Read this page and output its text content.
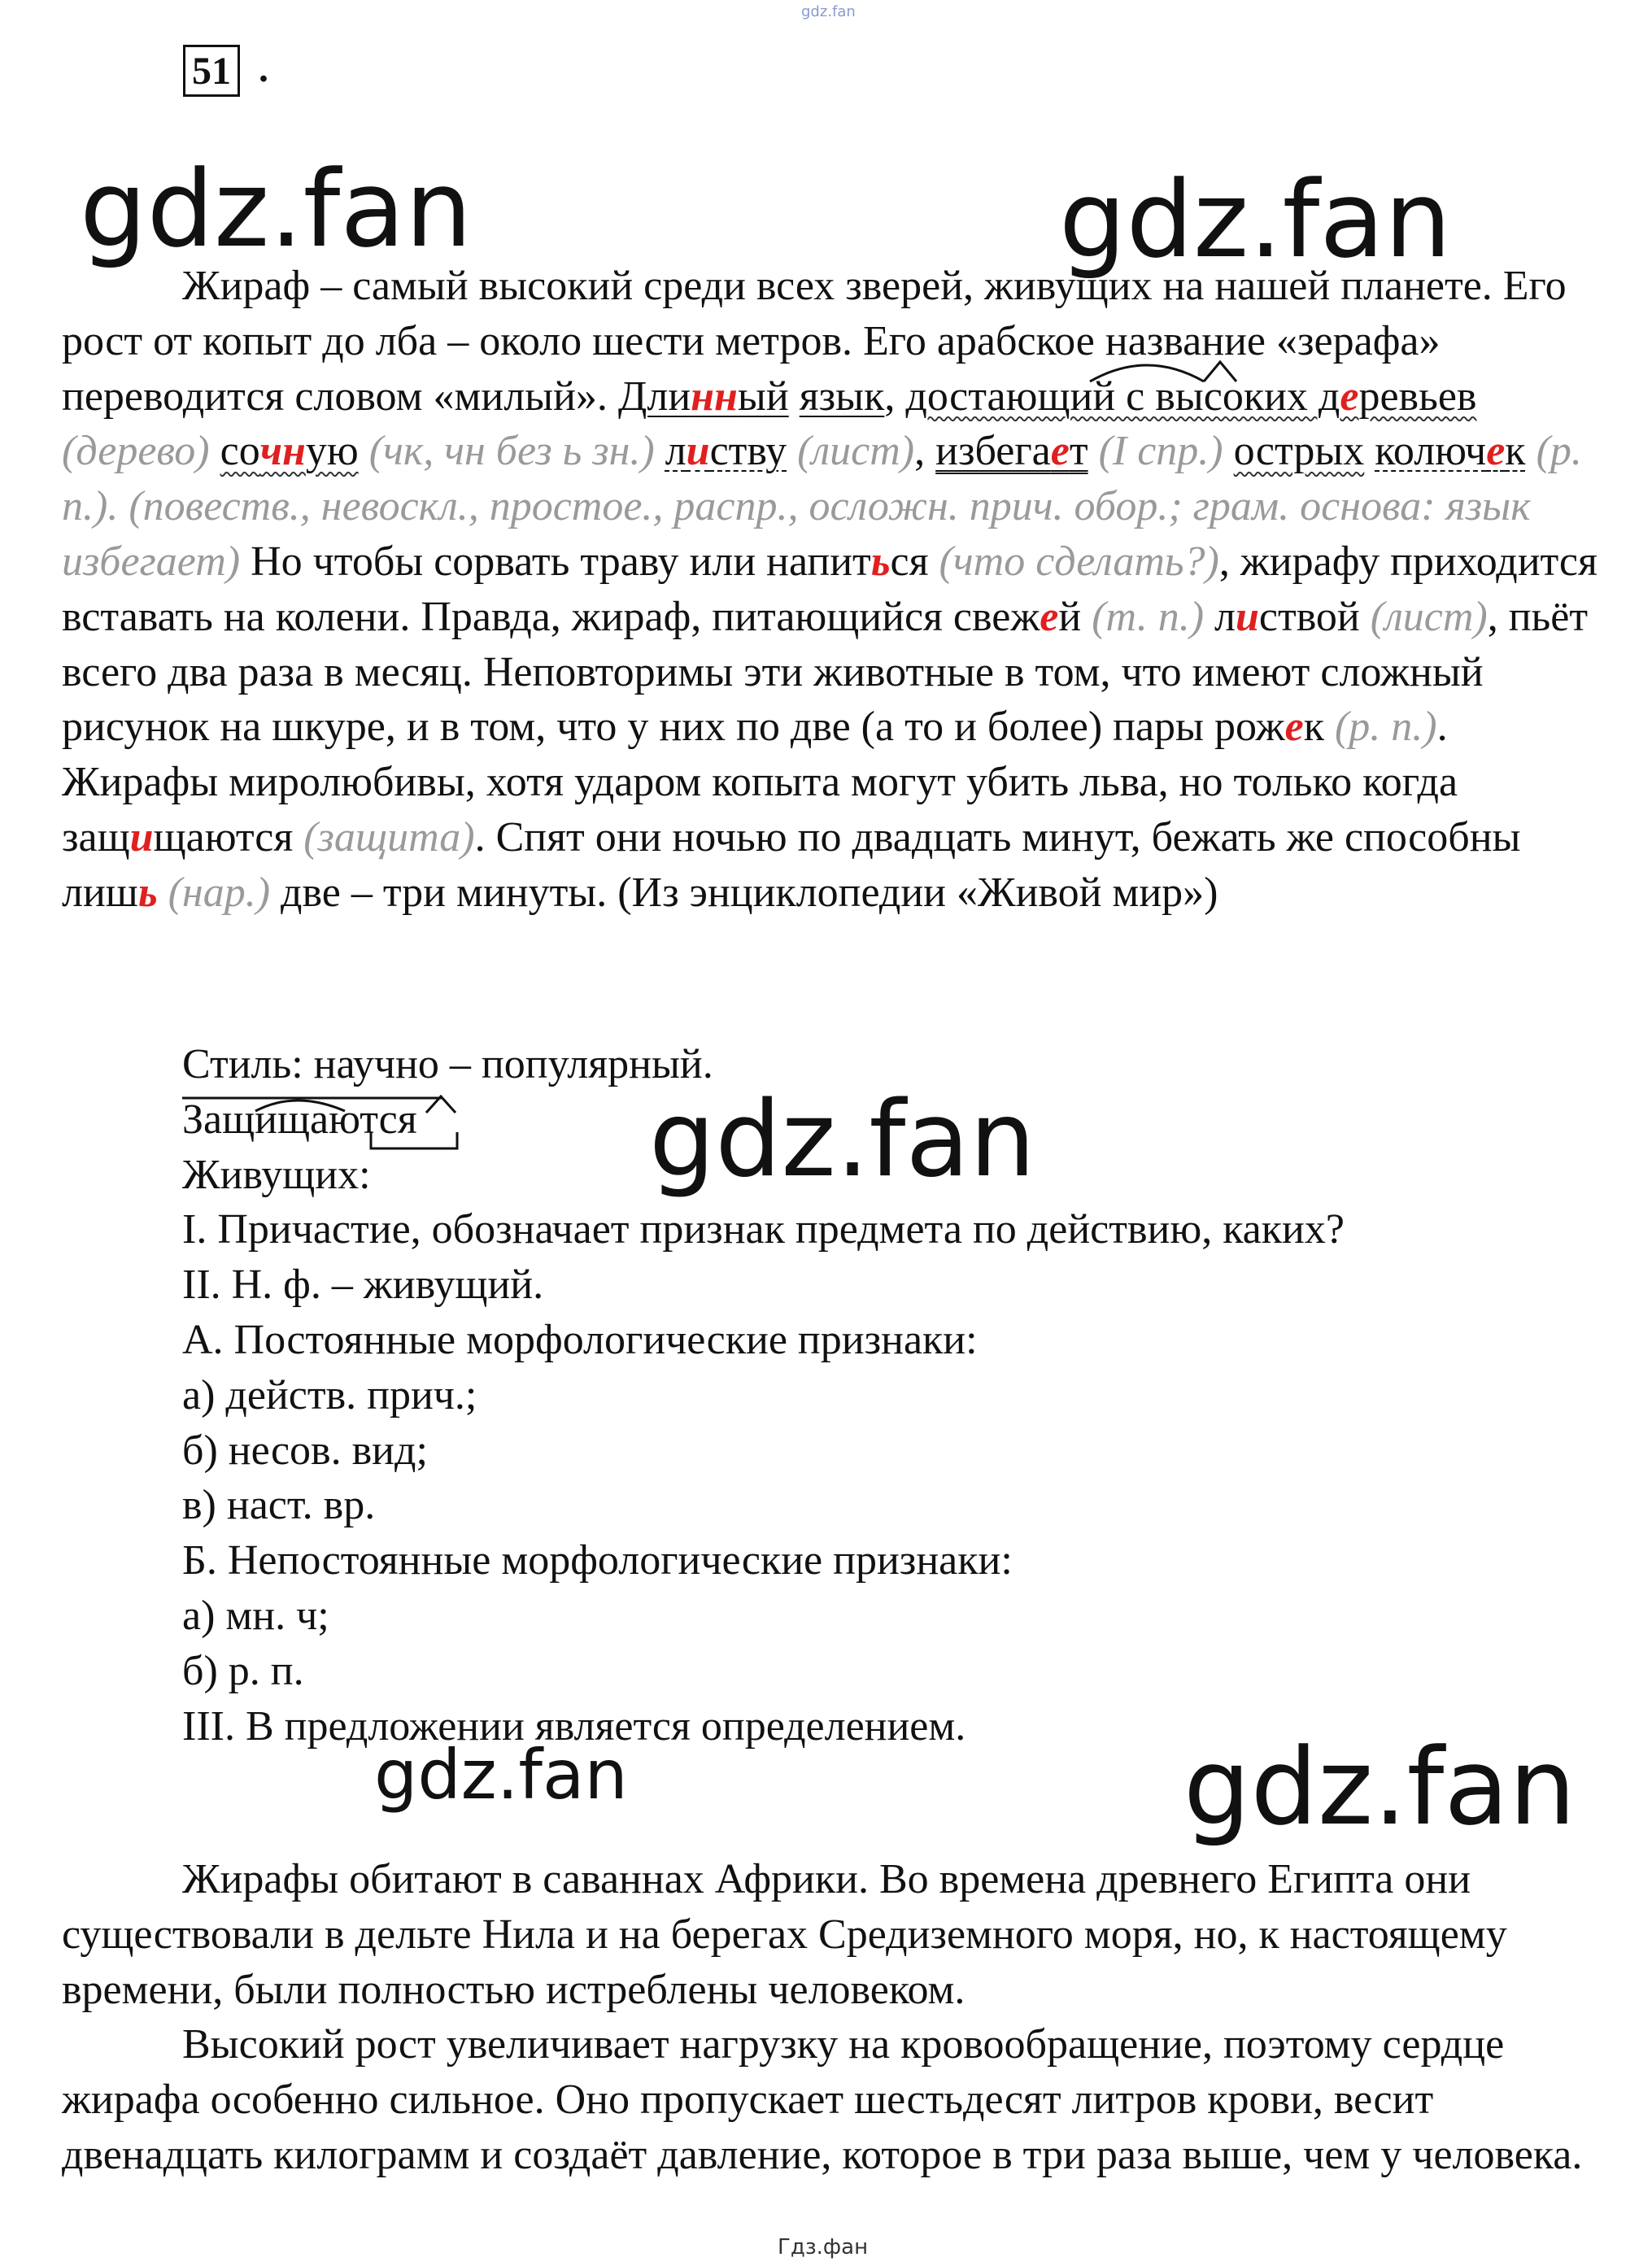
gdz.fan
51 .
gdz.fan	gdz.fan

Жираф – самый высокий среди всех зверей, живущих на нашей планете. Его рост от копыт до лба – около шести метров. Его арабское название «зерафа» переводится словом «милый». Длинный язык, достающий с высоких деревьев (дерево) сочную (чк, чн без ь зн.) листву (лист), избегает (I спр.) острых колючек (р. п.). (повеств., невоскл., простое., распр., осложн. прич. обор.; грам. основа: язык избегает) Но чтобы сорвать траву или напиться (что сделать?), жирафу приходится вставать на колени. Правда, жираф, питающийся свежей (т. п.) листвой (лист), пьёт всего два раза в месяц. Неповторимы эти животные в том, что имеют сложный рисунок на шкуре, и в том, что у них по две (а то и более) пары рожек (р. п.). Жирафы миролюбивы, хотя ударом копыта могут убить льва, но только когда защищаются (защита). Спят они ночью по двадцать минут, бежать же способны лишь (нар.) две – три минуты. (Из энциклопедии «Живой мир»)

Стиль: научно – популярный.
Защищаются
Живущих:
I. Причастие, обозначает признак предмета по действию, каких?
II. Н. ф. – живущий.
А. Постоянные морфологические признаки:
а) действ. прич.;
б) несов. вид;
в) наст. вр.
Б. Непостоянные морфологические признаки:
а) мн. ч;
б) р. п.
III. В предложении является определением.
gdz.fan
gdz.fan	gdz.fan

Жирафы обитают в саваннах Африки. Во времена древнего Египта они существовали в дельте Нила и на берегах Средиземного моря, но, к настоящему времени, были полностью истреблены человеком.

Высокий рост увеличивает нагрузку на кровообращение, поэтому сердце жирафа особенно сильное. Оно пропускает шестьдесят литров крови, весит двенадцать килограмм и создаёт давление, которое в три раза выше, чем у человека.

Гдз.фан
